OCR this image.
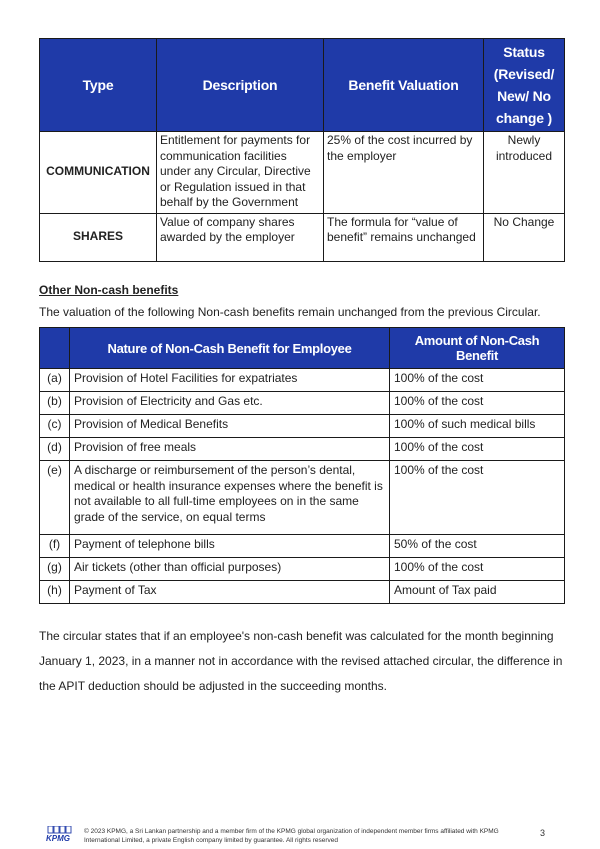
Type	Description	Benefit Valuation	Status (Revised/ New/ No change )
COMMUNICATION	Entitlement for payments for communication facilities under any Circular, Directive or Regulation issued in that behalf by the Government	25% of the cost incurred by the employer	Newly introduced
SHARES	Value of company shares awarded by the employer	The formula for “value of benefit” remains unchanged	No Change
Other Non-cash benefits
The valuation of the following Non-cash benefits remain unchanged from the previous Circular.
	Nature of Non-Cash Benefit for Employee	Amount of Non-Cash Benefit
(a)	Provision of Hotel Facilities for expatriates	100% of the cost
(b)	Provision of Electricity and Gas etc.	100% of the cost
(c)	Provision of Medical Benefits	100% of such medical bills
(d)	Provision of free meals	100% of the cost
(e)	A discharge or reimbursement of the person’s dental, medical or health insurance expenses where the benefit is not available to all full-time employees on in the same grade of the service, on equal terms	100% of the cost
(f)	Payment of telephone bills	50% of the cost
(g)	Air tickets (other than official purposes)	100% of the cost
(h)	Payment of Tax	Amount of Tax paid
The circular states that if an employee's non-cash benefit was calculated for the month beginning January 1, 2023, in a manner not in accordance with the revised attached circular, the difference in the APIT deduction should be adjusted in the succeeding months.
KPMG
© 2023 KPMG, a Sri Lankan partnership and a member firm of the KPMG global organization of independent member firms affiliated with KPMG International Limited, a private English company limited by guarantee. All rights reserved
3
